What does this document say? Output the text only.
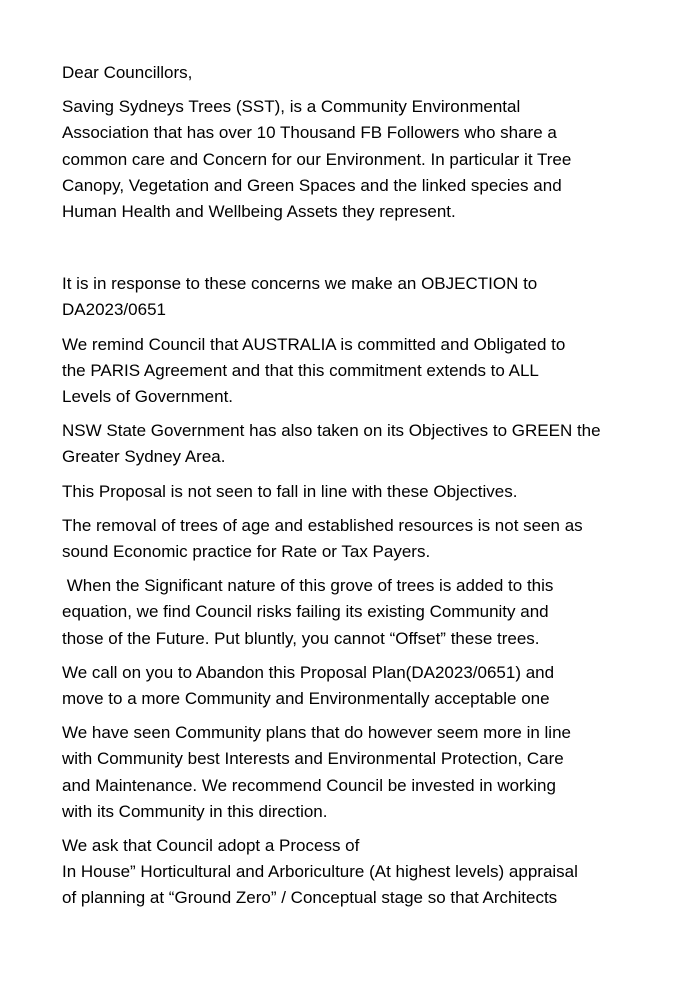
Dear Councillors,

Saving Sydneys Trees (SST), is a Community Environmental
Association that has over 10 Thousand FB Followers who share a
common care and Concern for our Environment. In particular it Tree
Canopy, Vegetation and Green Spaces and the linked species and
Human Health and Wellbeing Assets they represent.

It is in response to these concerns we make an OBJECTION to
DA2023/0651

We remind Council that AUSTRALIA is committed and Obligated to
the PARIS Agreement and that this commitment extends to ALL
Levels of Government.

NSW State Government has also taken on its Objectives to GREEN the
Greater Sydney Area.

This Proposal is not seen to fall in line with these Objectives.

The removal of trees of age and established resources is not seen as
sound Economic practice for Rate or Tax Payers.

When the Significant nature of this grove of trees is added to this
equation, we find Council risks failing its existing Community and
those of the Future. Put bluntly, you cannot “Offset” these trees.

We call on you to Abandon this Proposal Plan(DA2023/0651) and
move to a more Community and Environmentally acceptable one

We have seen Community plans that do however seem more in line
with Community best Interests and Environmental Protection, Care
and Maintenance. We recommend Council be invested in working
with its Community in this direction.

We ask that Council adopt a Process of
In House” Horticultural and Arboriculture (At highest levels) appraisal
of planning at “Ground Zero” / Conceptual stage so that Architects
